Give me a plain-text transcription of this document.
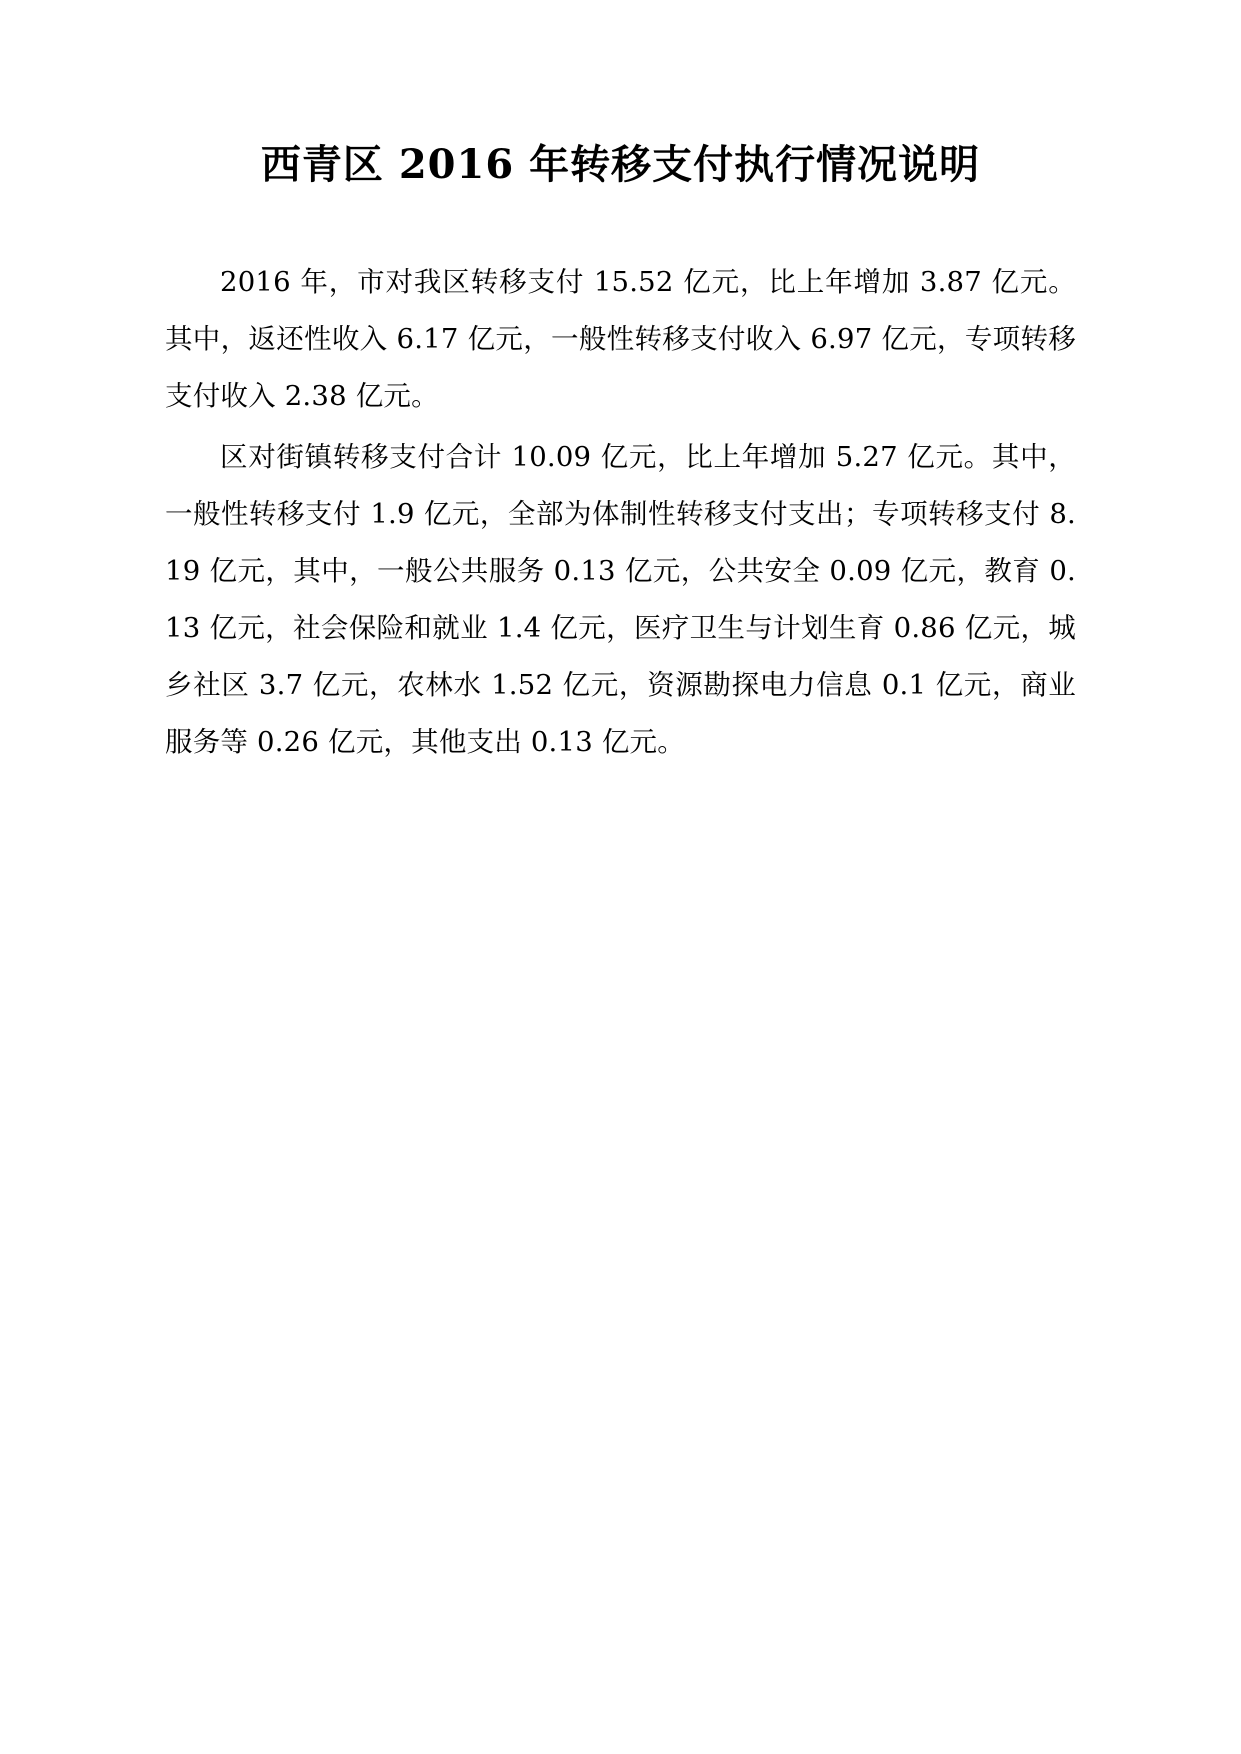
西青区 2016 年转移支付执行情况说明

2016 年，市对我区转移支付 15.52 亿元，比上年增加 3.87 亿元。其中，返还性收入 6.17 亿元，一般性转移支付收入 6.97 亿元，专项转移支付收入 2.38 亿元。

区对街镇转移支付合计 10.09 亿元，比上年增加 5.27 亿元。其中，一般性转移支付 1.9 亿元，全部为体制性转移支付支出；专项转移支付 8.19 亿元，其中，一般公共服务 0.13 亿元，公共安全 0.09 亿元，教育 0.13 亿元，社会保险和就业 1.4 亿元，医疗卫生与计划生育 0.86 亿元，城乡社区 3.7 亿元，农林水 1.52 亿元，资源勘探电力信息 0.1 亿元，商业服务等 0.26 亿元，其他支出 0.13 亿元。
